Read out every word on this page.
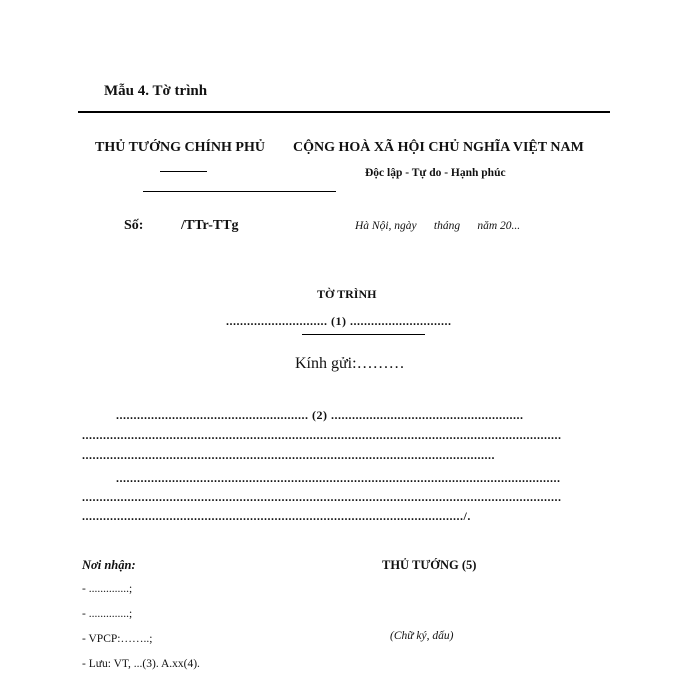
Mẫu 4. Tờ trình
THỦ TƯỚNG CHÍNH PHỦ CỘNG HOÀ XÃ HỘI CHỦ NGHĨA VIỆT NAM
Độc lập - Tự do - Hạnh phúc
Số:	/TTr-TTg	Hà Nội, ngày      tháng      năm 20...
TỜ TRÌNH
............................. (1) .............................
Kính gửi:………
....................................................... (2) .......................................................
.........................................................................................................................................
......................................................................................................................
...............................................................................................................................
.........................................................................................................................................
............................................................................................................./.
Nơi nhận:
- ..............;
- ..............;
- VPCP:……..;
- Lưu: VT, ...(3). A.xx(4).
THỦ TƯỚNG (5)
(Chữ ký, dấu)
